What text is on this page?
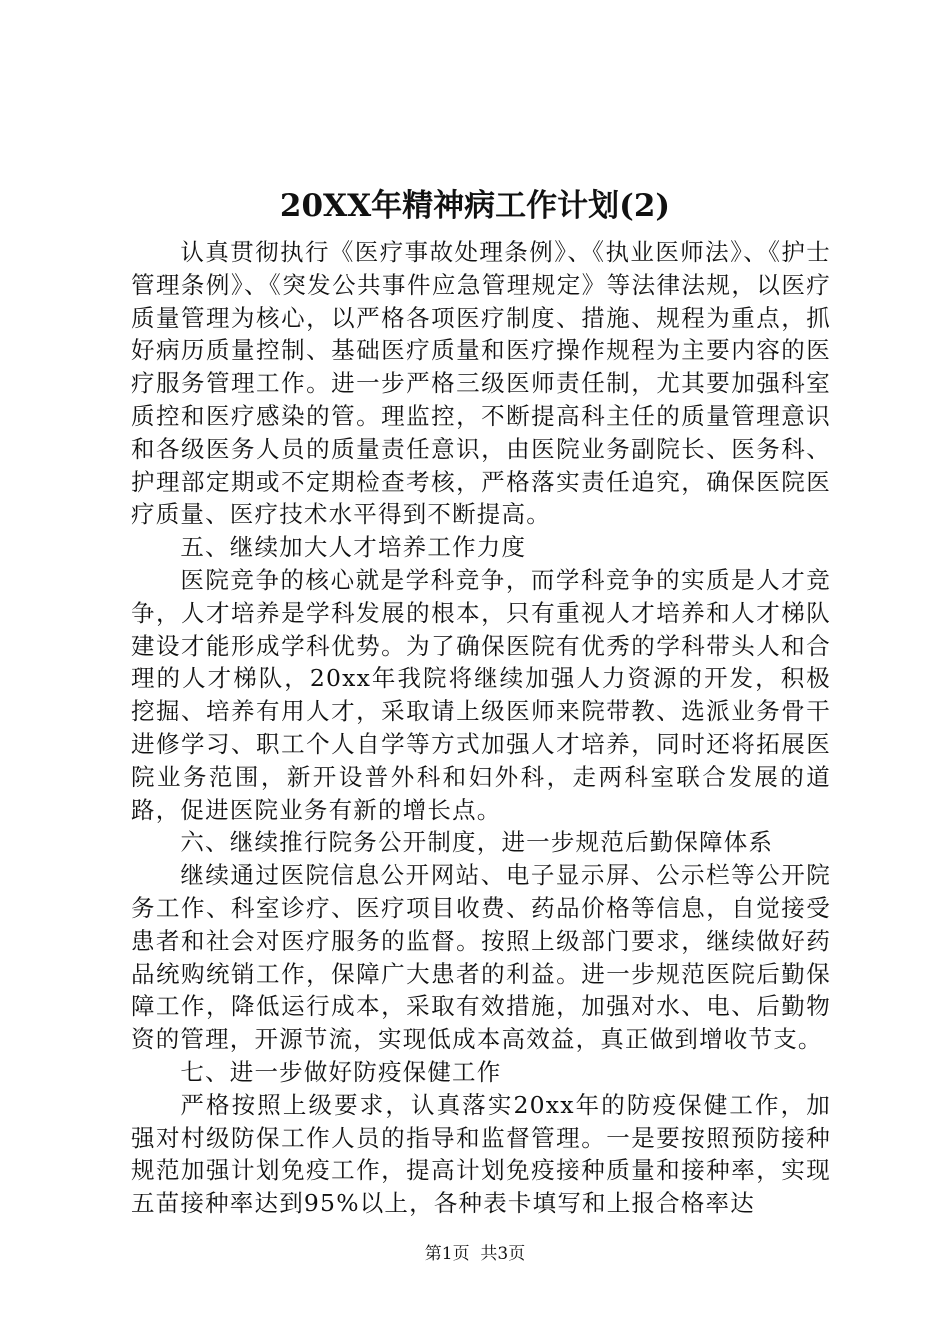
20XX年精神病工作计划(2)

认真贯彻执行《医疗事故处理条例》、《执业医师法》、《护士管理条例》、《突发公共事件应急管理规定》等法律法规，以医疗质量管理为核心，以严格各项医疗制度、措施、规程为重点，抓好病历质量控制、基础医疗质量和医疗操作规程为主要内容的医疗服务管理工作。进一步严格三级医师责任制，尤其要加强科室质控和医疗感染的管。理监控，不断提高科主任的质量管理意识和各级医务人员的质量责任意识，由医院业务副院长、医务科、护理部定期或不定期检查考核，严格落实责任追究，确保医院医疗质量、医疗技术水平得到不断提高。

五、继续加大人才培养工作力度

医院竞争的核心就是学科竞争，而学科竞争的实质是人才竞争，人才培养是学科发展的根本，只有重视人才培养和人才梯队建设才能形成学科优势。为了确保医院有优秀的学科带头人和合理的人才梯队，20xx年我院将继续加强人力资源的开发，积极挖掘、培养有用人才，采取请上级医师来院带教、选派业务骨干进修学习、职工个人自学等方式加强人才培养，同时还将拓展医院业务范围，新开设普外科和妇外科，走两科室联合发展的道路，促进医院业务有新的增长点。

六、继续推行院务公开制度，进一步规范后勤保障体系

继续通过医院信息公开网站、电子显示屏、公示栏等公开院务工作、科室诊疗、医疗项目收费、药品价格等信息，自觉接受患者和社会对医疗服务的监督。按照上级部门要求，继续做好药品统购统销工作，保障广大患者的利益。进一步规范医院后勤保障工作，降低运行成本，采取有效措施，加强对水、电、后勤物资的管理，开源节流，实现低成本高效益，真正做到增收节支。

七、进一步做好防疫保健工作

严格按照上级要求，认真落实20xx年的防疫保健工作，加强对村级防保工作人员的指导和监督管理。一是要按照预防接种规范加强计划免疫工作，提高计划免疫接种质量和接种率，实现五苗接种率达到95%以上，各种表卡填写和上报合格率达

第1页  共3页
